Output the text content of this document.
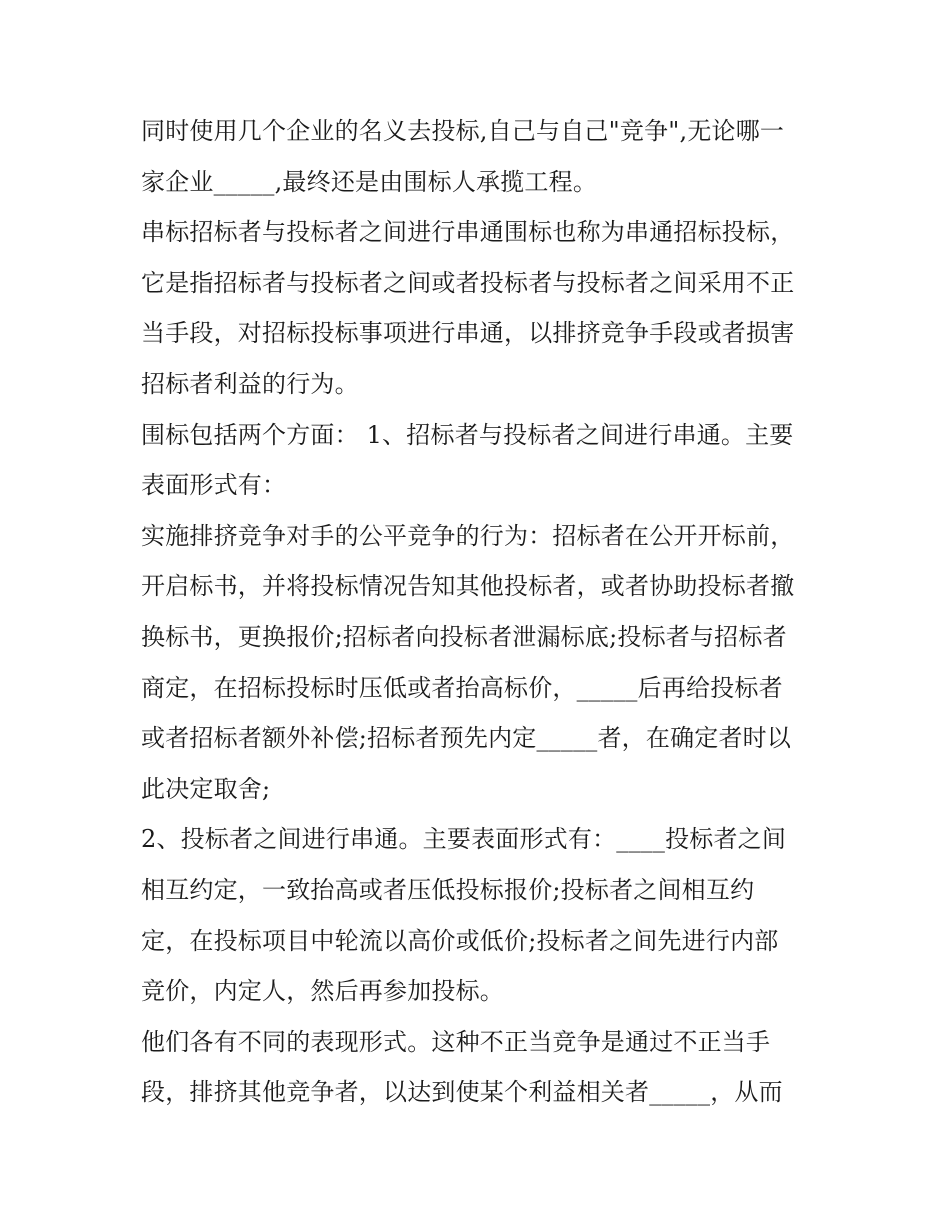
同时使用几个企业的名义去投标,自己与自己"竞争",无论哪一
家企业_____,最终还是由围标人承揽工程。
串标招标者与投标者之间进行串通围标也称为串通招标投标，
它是指招标者与投标者之间或者投标者与投标者之间采用不正
当手段，对招标投标事项进行串通，以排挤竞争手段或者损害
招标者利益的行为。
围标包括两个方面： 1、招标者与投标者之间进行串通。主要
表面形式有：
实施排挤竞争对手的公平竞争的行为：招标者在公开开标前，
开启标书，并将投标情况告知其他投标者，或者协助投标者撤
换标书，更换报价;招标者向投标者泄漏标底;投标者与招标者
商定，在招标投标时压低或者抬高标价，_____后再给投标者
或者招标者额外补偿;招标者预先内定_____者，在确定者时以
此决定取舍;
2、投标者之间进行串通。主要表面形式有：____投标者之间
相互约定，一致抬高或者压低投标报价;投标者之间相互约
定，在投标项目中轮流以高价或低价;投标者之间先进行内部
竞价，内定人，然后再参加投标。
他们各有不同的表现形式。这种不正当竞争是通过不正当手
段，排挤其他竞争者，以达到使某个利益相关者_____，从而
